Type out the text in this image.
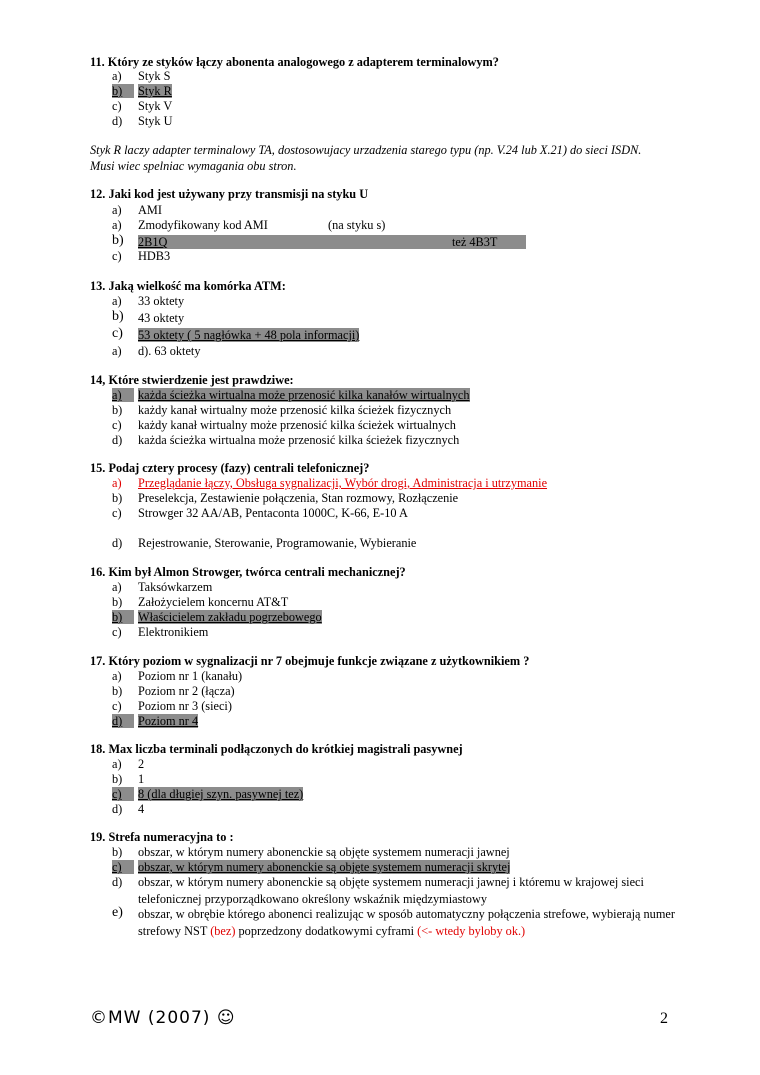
11. Który ze styków łączy abonenta analogowego z adapterem terminalowym?
a)	Styk S
b)	Styk R
c)	Styk V
d)	Styk U
Styk R laczy adapter terminalowy TA, dostosowujacy urzadzenia starego typu (np. V.24 lub X.21) do sieci ISDN.
Musi wiec spelniac wymagania obu stron.
12. Jaki kod jest używany przy transmisji na styku U
a)	AMI
a)	Zmodyfikowany kod AMI	(na styku s)
b)	2B1Q	też 4B3T
c)	HDB3
13. Jaką wielkość ma komórka ATM:
a)	33 oktety
b)	43 oktety
c)	53 oktety ( 5 nagłówka + 48 pola informacji)
a)	d). 63 oktety
14, Które stwierdzenie jest prawdziwe:
a)	każda ścieżka wirtualna może przenosić kilka kanałów wirtualnych
b)	każdy kanał wirtualny może przenosić kilka ścieżek fizycznych
c)	każdy kanał wirtualny może przenosić kilka ścieżek wirtualnych
d)	każda ścieżka wirtualna może przenosić kilka ścieżek fizycznych
15. Podaj cztery procesy (fazy) centrali telefonicznej?
a)	Przeglądanie łączy, Obsługa sygnalizacji, Wybór drogi, Administracja i utrzymanie
b)	Preselekcja, Zestawienie połączenia, Stan rozmowy, Rozłączenie
c)	Strowger 32 AA/AB, Pentaconta 1000C, K-66, E-10 A
d)	Rejestrowanie, Sterowanie, Programowanie, Wybieranie
16. Kim był Almon Strowger, twórca centrali mechanicznej?
a)	Taksówkarzem
b)	Założycielem koncernu AT&T
b)	Właścicielem zakładu pogrzebowego
c)	Elektronikiem
17. Który poziom w sygnalizacji nr 7 obejmuje funkcje związane z użytkownikiem ?
a)	Poziom nr 1 (kanału)
b)	Poziom nr 2 (łącza)
c)	Poziom nr 3 (sieci)
d)	Poziom nr 4
18. Max liczba terminali podłączonych do krótkiej magistrali pasywnej
a)	2
b)	1
c)	8 (dla długiej szyn. pasywnej tez)
d)	4
19. Strefa numeracyjna to :
b)	obszar, w którym numery abonenckie są objęte systemem numeracji jawnej
c)	obszar, w którym numery abonenckie są objęte systemem numeracji skrytej
d)	obszar, w którym numery abonenckie są objęte systemem numeracji jawnej i któremu w krajowej sieci
telefonicznej przyporządkowano określony wskaźnik międzymiastowy
e)	obszar, w obrębie którego abonenci realizując w sposób automatyczny połączenia strefowe, wybierają numer
strefowy NST (bez) poprzedzony dodatkowymi cyframi (<- wtedy byloby ok.)
©MW (2007) ☺	2
